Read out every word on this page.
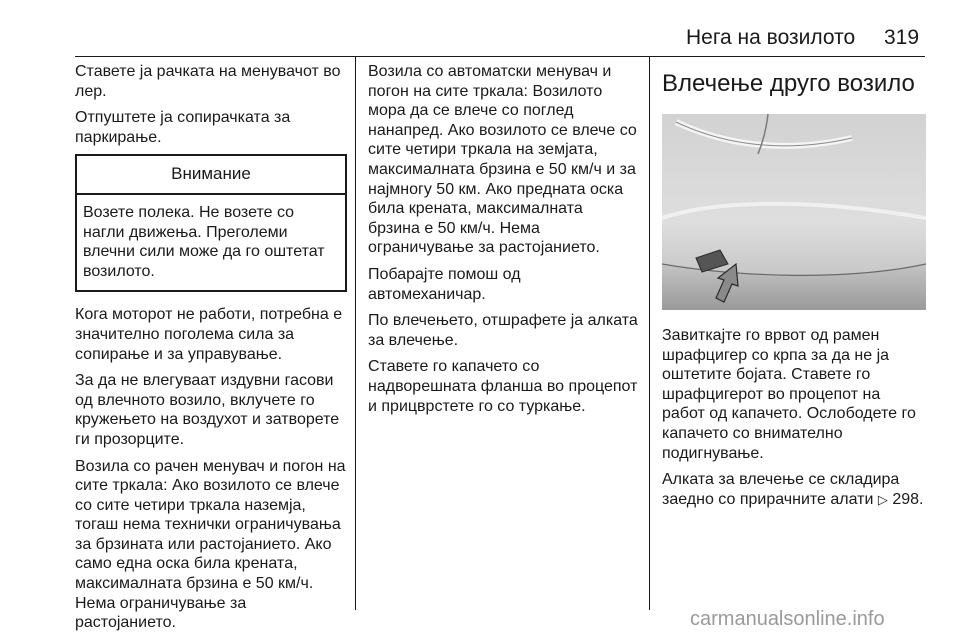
Нега на возилото 319

Ставете ја рачката на менувачот во лер.

Отпуштете ја сопирачката за паркирање.

Внимание
Возете полека. Не возете со нагли движења. Преголеми влечни сили може да го оштетат возилото.

Кога моторот не работи, потребна е значително поголема сила за сопирање и за управување.

За да не влегуваат издувни гасови од влечното возило, вклучете го кружењето на воздухот и затворете ги прозорците.

Возила со рачен менувач и погон на сите тркала: Ако возилото се влече со сите четири тркала наземја, тогаш нема технички ограничувања за брзината или растојанието. Ако само една оска била кренатa, максималната брзина е 50 км/ч. Нема ограничување за растојанието.

Возила со автоматски менувач и погон на сите тркала: Возилото мора да се влече со поглед нанапред. Ако возилото се влече со сите четири тркала на земјата, максималната брзина е 50 км/ч и за најмногу 50 км. Ако предната оска била кренатa, максималната брзина е 50 км/ч. Нема ограничување за растојанието.

Побарајте помош од автомеханичар.

По влечењето, отшрафете ја алката за влечење.

Ставете го капачето со надворешната фланша во процепот и прицврстете го со туркање.

Влечење друго возило

Завиткајте го врвот од рамен шрафцигер со крпа за да не ја оштетите бојата. Ставете го шрафцигерот во процепот на работ од капачето. Ослободете го капачето со внимателно подигнување.

Алката за влечење се складира заедно со прирачните алати ▷ 298.

carmanualsonline.info
